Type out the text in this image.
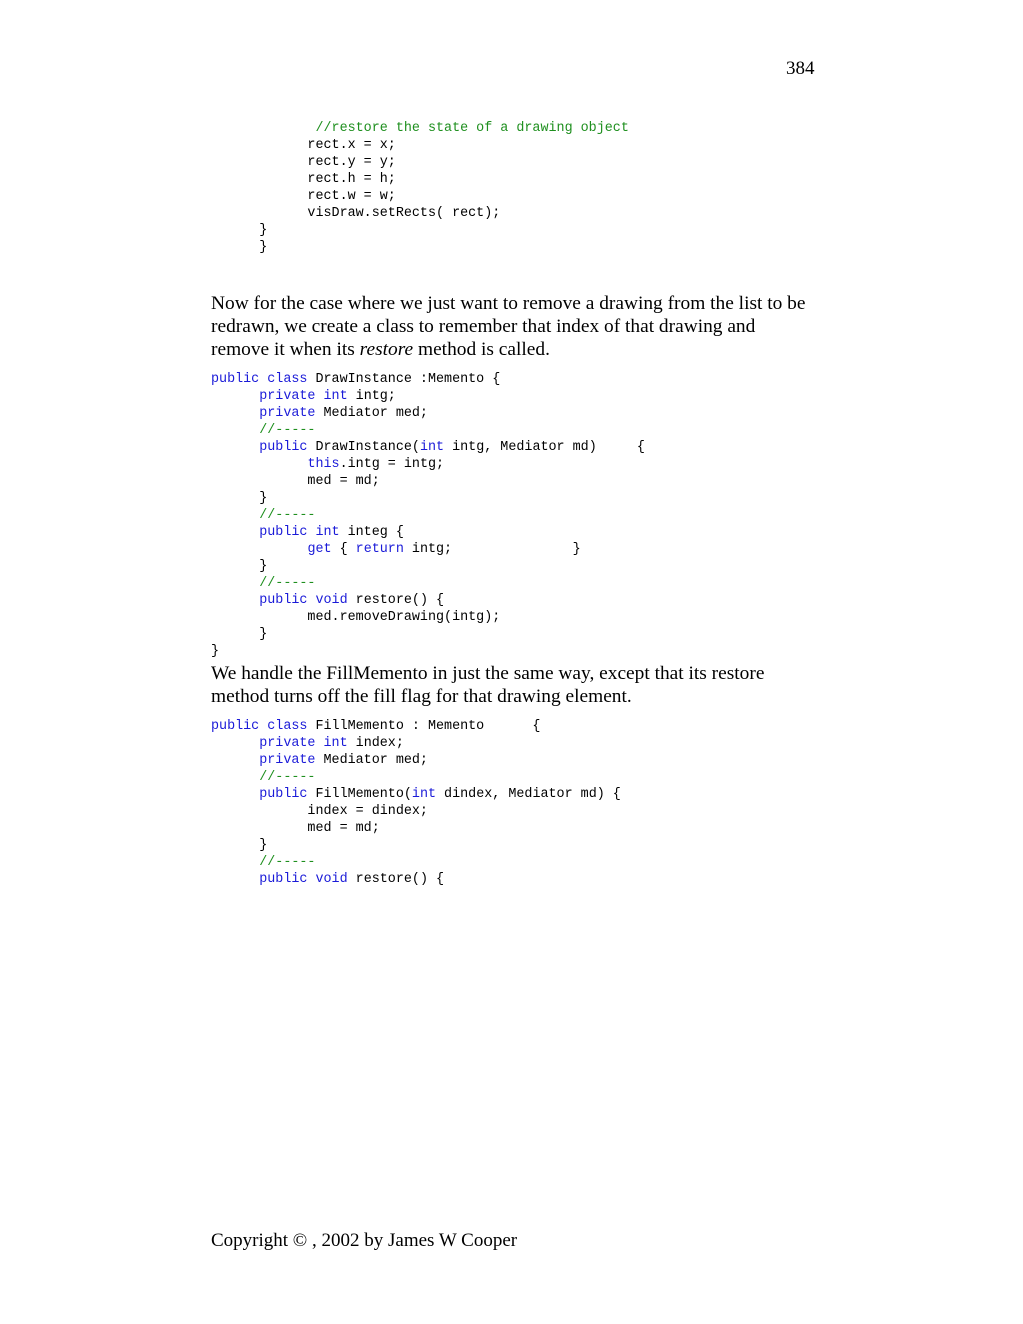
384
//restore the state of a drawing object
rect.x = x;
rect.y = y;
rect.h = h;
rect.w = w;
visDraw.setRects( rect);
}
}

Now for the case where we just want to remove a drawing from the list to be redrawn, we create a class to remember that index of that drawing and remove it when its restore method is called.

public class DrawInstance :Memento {
private int intg;
private Mediator med;
//-----
public DrawInstance(int intg, Mediator md)     {
this.intg = intg;
med = md;
}
//-----
public int integ {
get { return intg;               }
}
//-----
public void restore() {
med.removeDrawing(intg);
}
}

We handle the FillMemento in just the same way, except that its restore method turns off the fill flag for that drawing element.

public class FillMemento : Memento      {
private int index;
private Mediator med;
//-----
public FillMemento(int dindex, Mediator md) {
index = dindex;
med = md;
}
//-----
public void restore() {
Copyright © , 2002 by James W Cooper
